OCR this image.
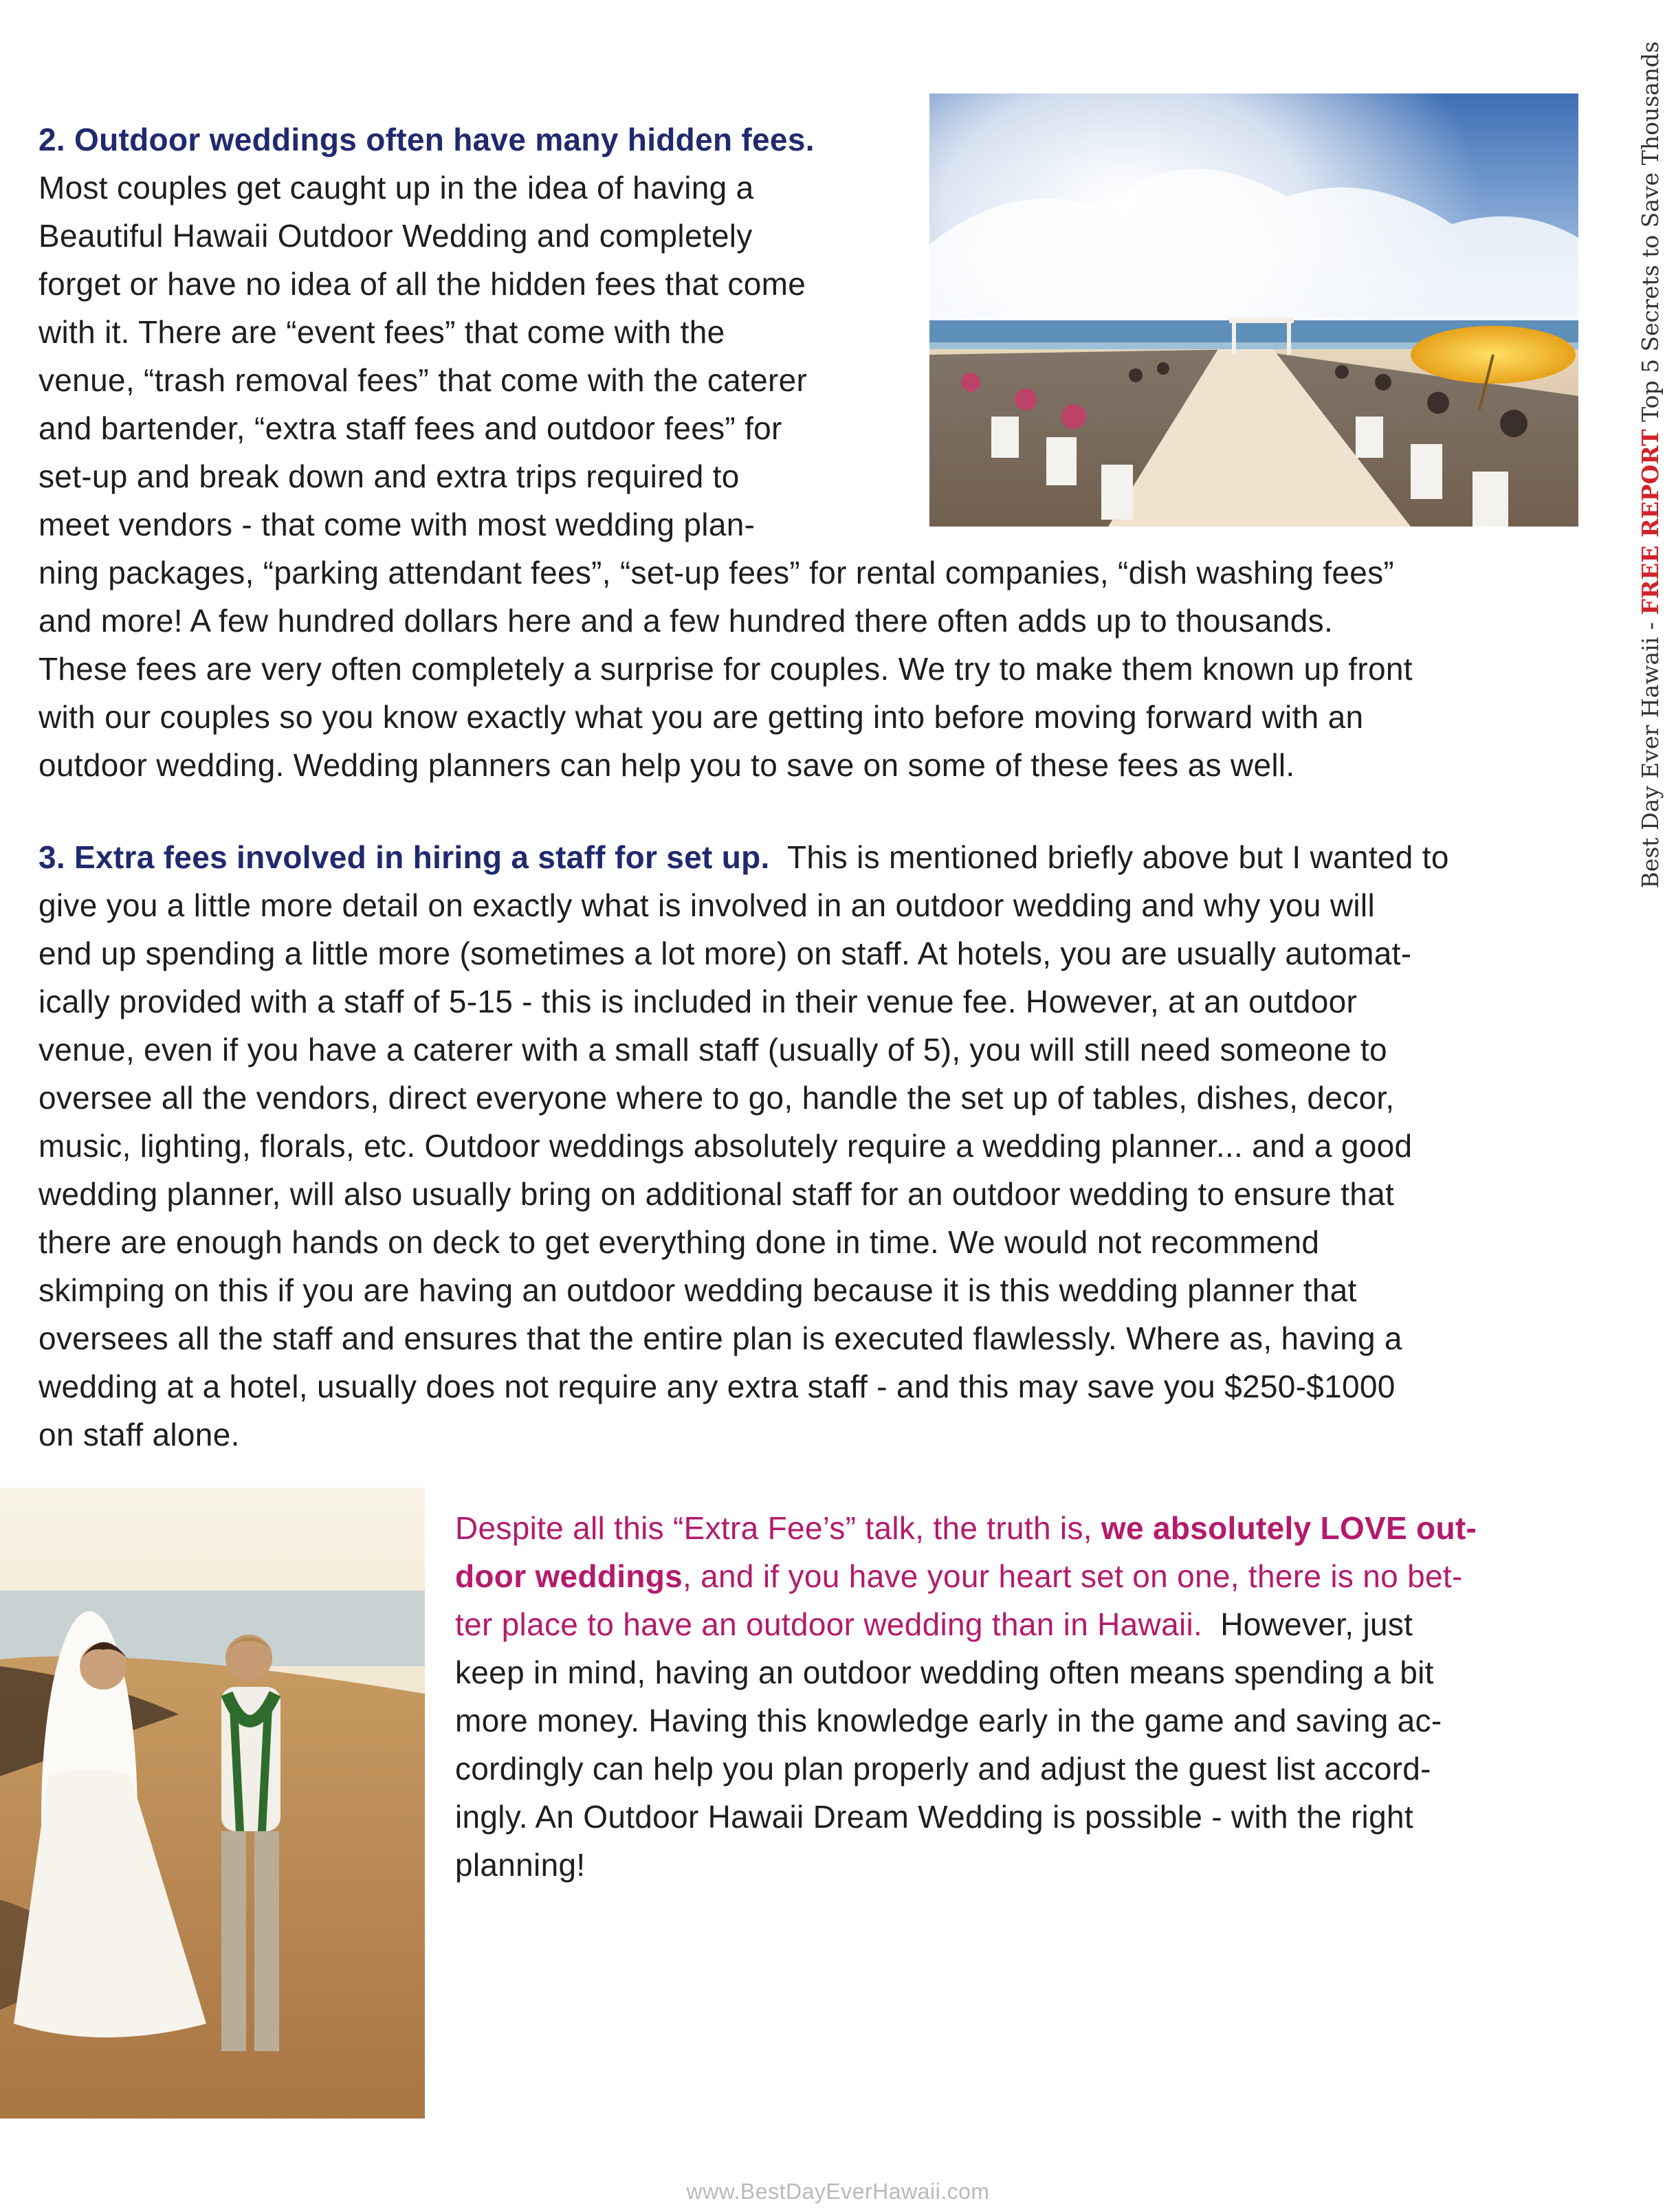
2. Outdoor weddings often have many hidden fees.
Most couples get caught up in the idea of having a
Beautiful Hawaii Outdoor Wedding and completely
forget or have no idea of all the hidden fees that come
with it. There are “event fees” that come with the
venue, “trash removal fees” that come with the caterer
and bartender, “extra staff fees and outdoor fees” for
set-up and break down and extra trips required to
meet vendors - that come with most wedding plan-
ning packages, “parking attendant fees”, “set-up fees” for rental companies, “dish washing fees”
and more! A few hundred dollars here and a few hundred there often adds up to thousands.
These fees are very often completely a surprise for couples. We try to make them known up front
with our couples so you know exactly what you are getting into before moving forward with an
outdoor wedding. Wedding planners can help you to save on some of these fees as well.
3. Extra fees involved in hiring a staff for set up.  This is mentioned briefly above but I wanted to
give you a little more detail on exactly what is involved in an outdoor wedding and why you will
end up spending a little more (sometimes a lot more) on staff. At hotels, you are usually automat-
ically provided with a staff of 5-15 - this is included in their venue fee. However, at an outdoor
venue, even if you have a caterer with a small staff (usually of 5), you will still need someone to
oversee all the vendors, direct everyone where to go, handle the set up of tables, dishes, decor,
music, lighting, florals, etc. Outdoor weddings absolutely require a wedding planner... and a good
wedding planner, will also usually bring on additional staff for an outdoor wedding to ensure that
there are enough hands on deck to get everything done in time. We would not recommend
skimping on this if you are having an outdoor wedding because it is this wedding planner that
oversees all the staff and ensures that the entire plan is executed flawlessly. Where as, having a
wedding at a hotel, usually does not require any extra staff - and this may save you $250-$1000
on staff alone.
Despite all this “Extra Fee’s” talk, the truth is, we absolutely LOVE out-
door weddings, and if you have your heart set on one, there is no bet-
ter place to have an outdoor wedding than in Hawaii.  However, just
keep in mind, having an outdoor wedding often means spending a bit
more money. Having this knowledge early in the game and saving ac-
cordingly can help you plan properly and adjust the guest list accord-
ingly. An Outdoor Hawaii Dream Wedding is possible - with the right
planning!
Best Day Ever Hawaii - FREE REPORT Top 5 Secrets to Save Thousands
www.BestDayEverHawaii.com
